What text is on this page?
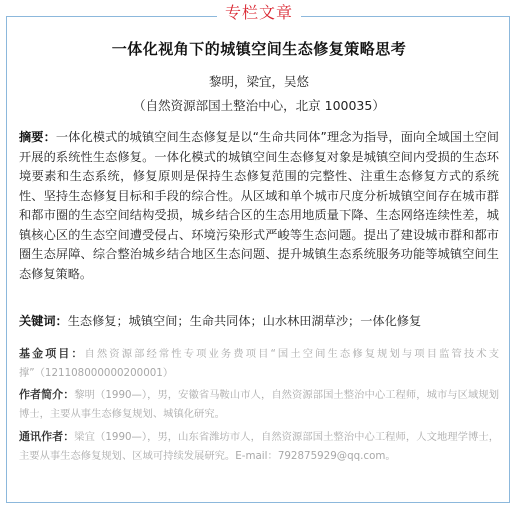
专栏文章
一体化视角下的城镇空间生态修复策略思考
黎明，梁宜，吴悠
（自然资源部国土整治中心，北京 100035）

摘要：一体化模式的城镇空间生态修复是以“生命共同体”理念为指导，面向全域国土空间开展的系统性生态修复。一体化模式的城镇空间生态修复对象是城镇空间内受损的生态环境要素和生态系统，修复原则是保持生态修复范围的完整性、注重生态修复方式的系统性、坚持生态修复目标和手段的综合性。从区域和单个城市尺度分析城镇空间存在城市群和都市圈的生态空间结构受损，城乡结合区的生态用地质量下降、生态网络连续性差，城镇核心区的生态空间遭受侵占、环境污染形式严峻等生态问题。提出了建设城市群和都市圈生态屏障、综合整治城乡结合地区生态问题、提升城镇生态系统服务功能等城镇空间生态修复策略。

关键词：生态修复；城镇空间；生命共同体；山水林田湖草沙；一体化修复

基金项目：自然资源部经常性专项业务费项目“国土空间生态修复规划与项目监管技术支撑”（121108000000200001）

作者简介：黎明（1990—），男，安徽省马鞍山市人，自然资源部国土整治中心工程师，城市与区域规划博士，主要从事生态修复规划、城镇化研究。

通讯作者：梁宜（1990—），男，山东省潍坊市人，自然资源部国土整治中心工程师，人文地理学博士，主要从事生态修复规划、区域可持续发展研究。E-mail：792875929@qq.com。
